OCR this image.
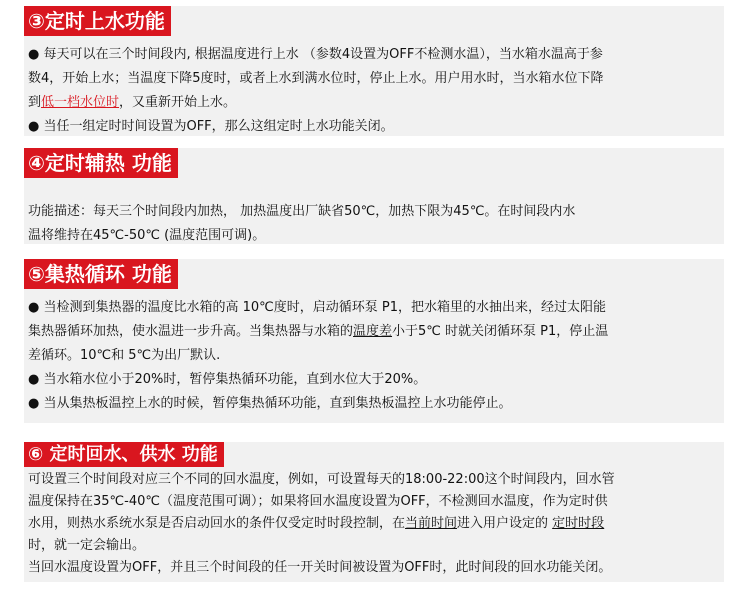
③定时上水功能
● 每天可以在三个时间段内, 根据温度进行上水 （参数4设置为OFF不检测水温），当水箱水温高于参
数4，开始上水；当温度下降5度时，或者上水到满水位时，停止上水。用户用水时，当水箱水位下降
到低一档水位时，又重新开始上水。
● 当任一组定时时间设置为OFF，那么这组定时上水功能关闭。
④定时辅热 功能
功能描述：每天三个时间段内加热， 加热温度出厂缺省50℃，加热下限为45℃。在时间段内水
温将维持在45℃-50℃ (温度范围可调)。
⑤集热循环 功能
● 当检测到集热器的温度比水箱的高 10℃度时，启动循环泵 P1，把水箱里的水抽出来，经过太阳能
集热器循环加热，使水温进一步升高。当集热器与水箱的温度差小于5℃ 时就关闭循环泵 P1，停止温
差循环。10℃和 5℃为出厂默认.
● 当水箱水位小于20%时，暂停集热循环功能，直到水位大于20%。
● 当从集热板温控上水的时候，暂停集热循环功能，直到集热板温控上水功能停止。
⑥ 定时回水、供水 功能
可设置三个时间段对应三个不同的回水温度，例如，可设置每天的18:00-22:00这个时间段内，回水管
温度保持在35℃-40℃（温度范围可调）；如果将回水温度设置为OFF，不检测回水温度，作为定时供
水用，则热水系统水泵是否启动回水的条件仅受定时时段控制，在当前时间进入用户设定的 定时时段
时，就一定会输出。
当回水温度设置为OFF，并且三个时间段的任一开关时间被设置为OFF时，此时间段的回水功能关闭。
